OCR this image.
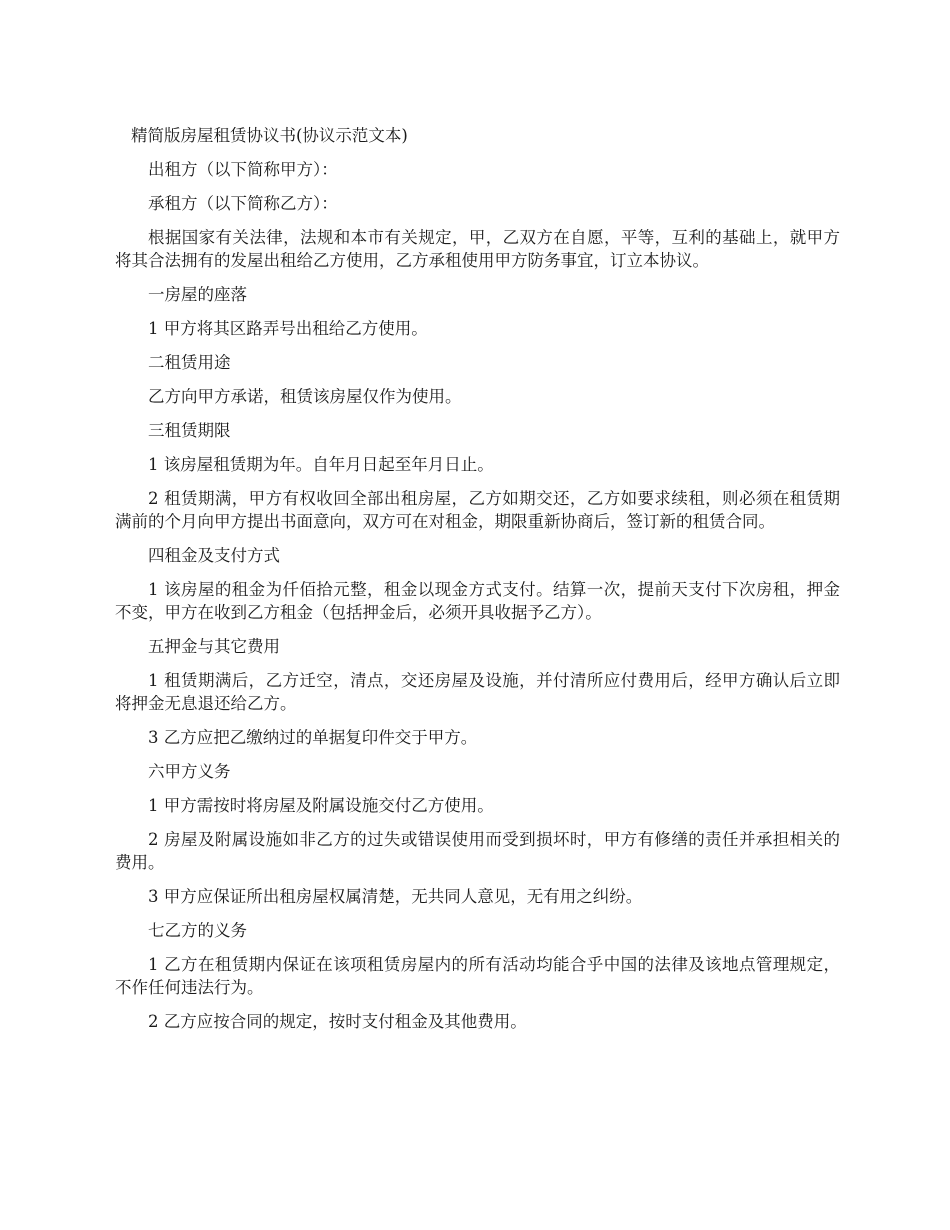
精简版房屋租赁协议书(协议示范文本)
出租方（以下简称甲方）：
承租方（以下简称乙方）：
根据国家有关法律，法规和本市有关规定，甲，乙双方在自愿，平等，互利的基础上，就甲方将其合法拥有的发屋出租给乙方使用，乙方承租使用甲方防务事宜，订立本协议。
一房屋的座落
1 甲方将其区路弄号出租给乙方使用。
二租赁用途
乙方向甲方承诺，租赁该房屋仅作为使用。
三租赁期限
1 该房屋租赁期为年。自年月日起至年月日止。
2 租赁期满，甲方有权收回全部出租房屋，乙方如期交还，乙方如要求续租，则必须在租赁期满前的个月向甲方提出书面意向，双方可在对租金，期限重新协商后，签订新的租赁合同。
四租金及支付方式
1 该房屋的租金为仟佰拾元整，租金以现金方式支付。结算一次，提前天支付下次房租，押金不变，甲方在收到乙方租金（包括押金后，必须开具收据予乙方）。
五押金与其它费用
1 租赁期满后，乙方迁空，清点，交还房屋及设施，并付清所应付费用后，经甲方确认后立即将押金无息退还给乙方。
3 乙方应把乙缴纳过的单据复印件交于甲方。
六甲方义务
1 甲方需按时将房屋及附属设施交付乙方使用。
2 房屋及附属设施如非乙方的过失或错误使用而受到损坏时，甲方有修缮的责任并承担相关的费用。
3 甲方应保证所出租房屋权属清楚，无共同人意见，无有用之纠纷。
七乙方的义务
1 乙方在租赁期内保证在该项租赁房屋内的所有活动均能合乎中国的法律及该地点管理规定，不作任何违法行为。
2 乙方应按合同的规定，按时支付租金及其他费用。
